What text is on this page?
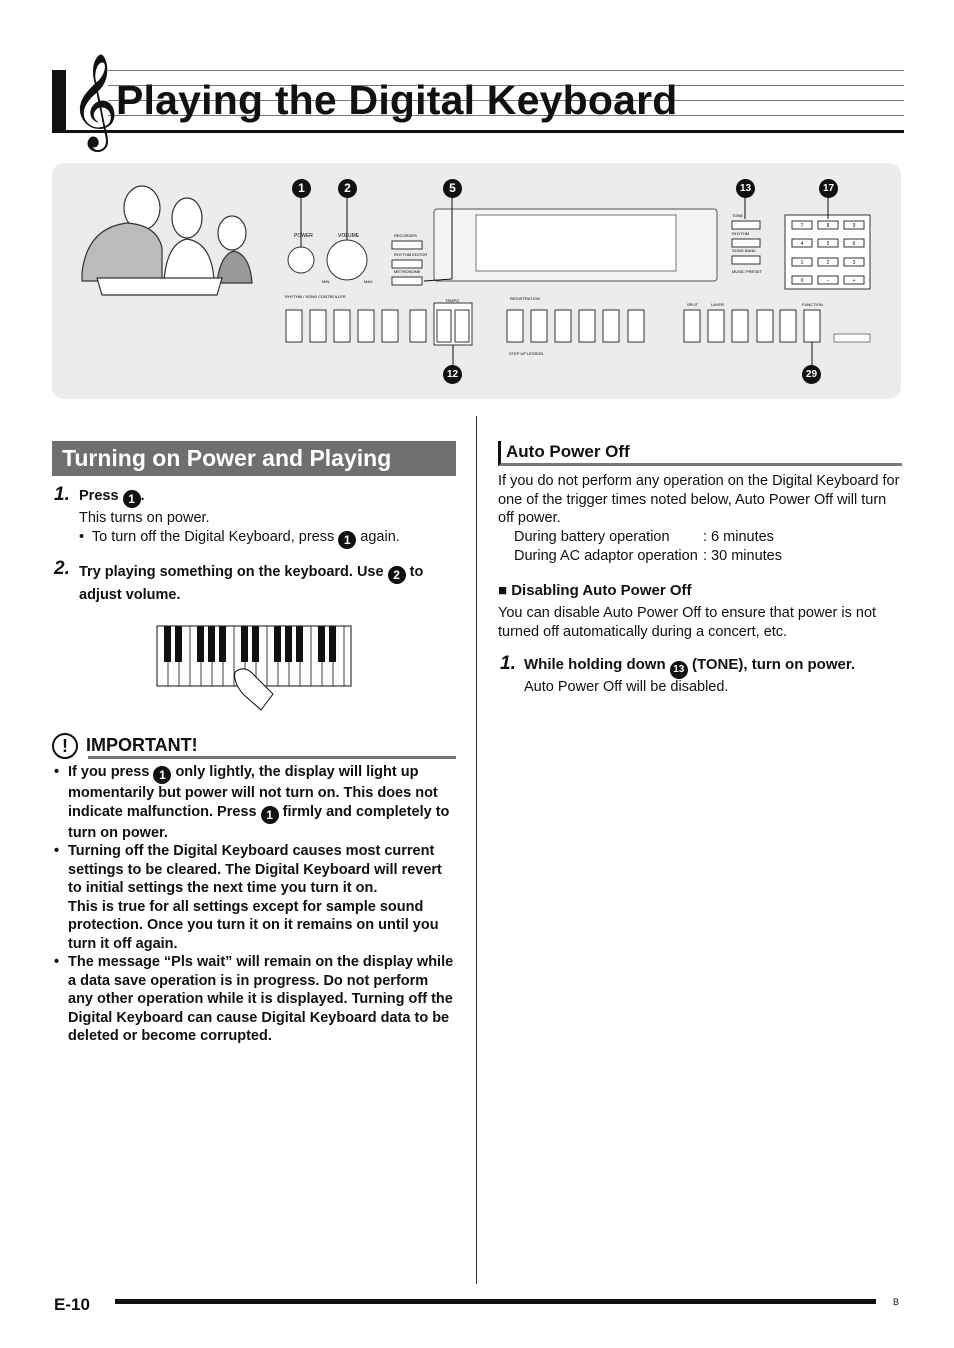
𝄞
Playing the Digital Keyboard
POWER	VOLUME
MIN	MAX
RECORDER
RHYTHM EDITOR
METRONOME
TONE
RHYTHM
SONG BANK
MUSIC PRESET
7	8	9
4	5	6
1	2	3
0	−	+
RHYTHM / SONG CONTROLLER
TEMPO	REGISTRATION
STEP UP LESSON
SPLIT	LAYER	FUNCTION
1	2	5	13	17
12	29
Turning on Power and Playing
1. Press 1 .

This turns on power.

•  To turn off the Digital Keyboard, press 1 again.

2. Try playing something on the keyboard. Use 2 to adjust volume.

!	IMPORTANT!
• If you press 1 only lightly, the display will light up momentarily but power will not turn on. This does not indicate malfunction. Press 1 firmly and completely to turn on power.
• Turning off the Digital Keyboard causes most current settings to be cleared. The Digital Keyboard will revert to initial settings the next time you turn it on.
This is true for all settings except for sample sound protection. Once you turn it on it remains on until you turn it off again.
• The message “Pls wait” will remain on the display while a data save operation is in progress. Do not perform any other operation while it is displayed. Turning off the Digital Keyboard can cause Digital Keyboard data to be deleted or become corrupted.
Auto Power Off

If you do not perform any operation on the Digital Keyboard for one of the trigger times noted below, Auto Power Off will turn off power.

During battery operation : 6 minutes

During AC adaptor operation : 30 minutes

■ Disabling Auto Power Off

You can disable Auto Power Off to ensure that power is not turned off automatically during a concert, etc.

1. While holding down 13 (TONE), turn on power.

Auto Power Off will be disabled.

E-10	B
